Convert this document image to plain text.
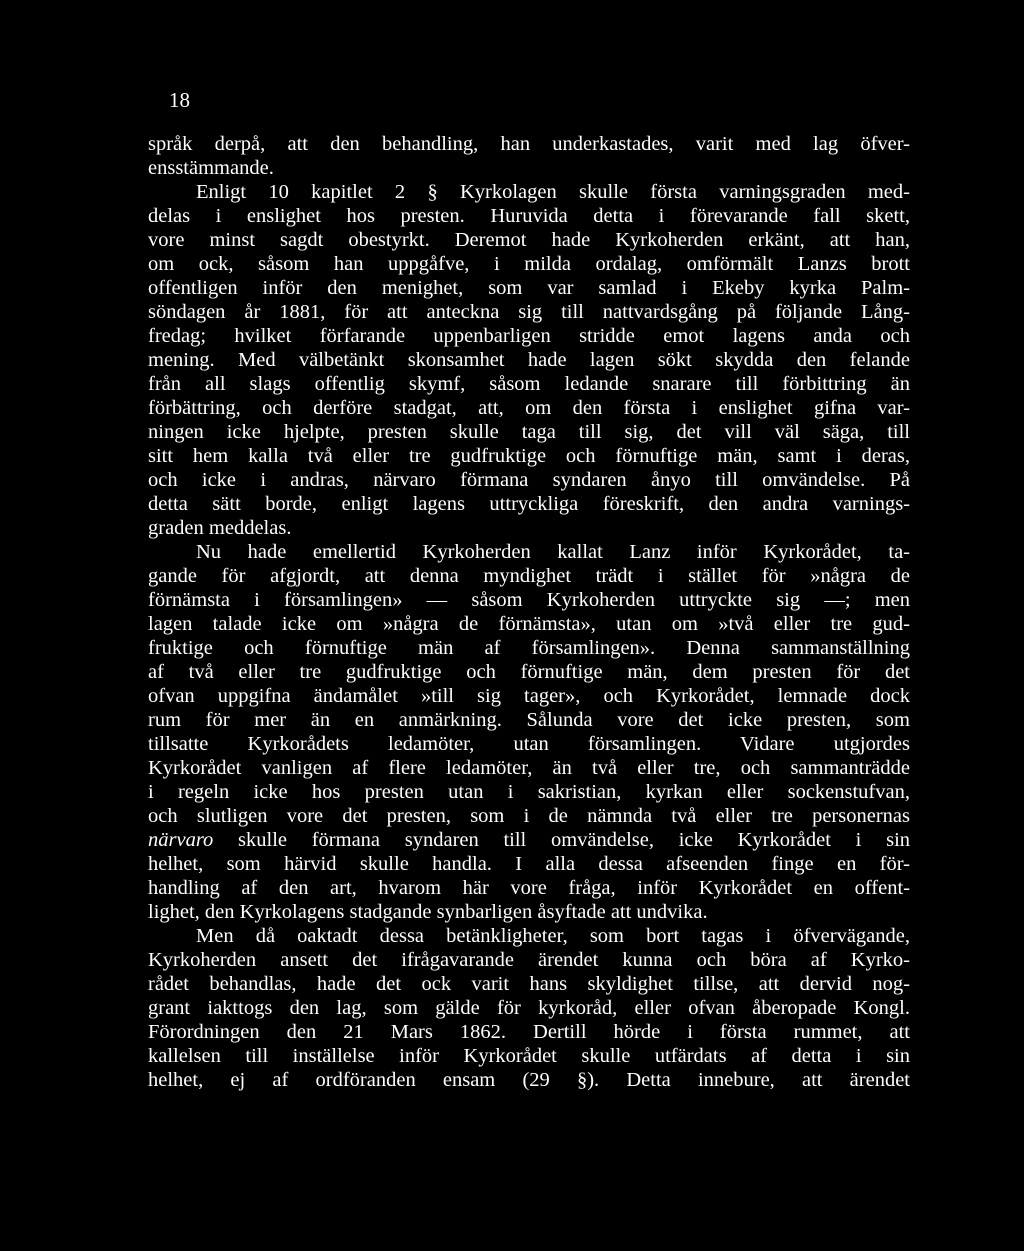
18
språk derpå, att den behandling, han underkastades, varit med lag öfver-
ensstämmande.
Enligt 10 kapitlet 2 § Kyrkolagen skulle första varningsgraden med-
delas i enslighet hos presten. Huruvida detta i förevarande fall skett,
vore minst sagdt obestyrkt. Deremot hade Kyrkoherden erkänt, att han,
om ock, såsom han uppgåfve, i milda ordalag, omförmält Lanzs brott
offentligen inför den menighet, som var samlad i Ekeby kyrka Palm-
söndagen år 1881, för att anteckna sig till nattvardsgång på följande Lång-
fredag; hvilket förfarande uppenbarligen stridde emot lagens anda och
mening. Med välbetänkt skonsamhet hade lagen sökt skydda den felande
från all slags offentlig skymf, såsom ledande snarare till förbittring än
förbättring, och derföre stadgat, att, om den första i enslighet gifna var-
ningen icke hjelpte, presten skulle taga till sig, det vill väl säga, till
sitt hem kalla två eller tre gudfruktige och förnuftige män, samt i deras,
och icke i andras, närvaro förmana syndaren ånyo till omvändelse. På
detta sätt borde, enligt lagens uttryckliga föreskrift, den andra varnings-
graden meddelas.
Nu hade emellertid Kyrkoherden kallat Lanz inför Kyrkorådet, ta-
gande för afgjordt, att denna myndighet trädt i stället för »några de
förnämsta i församlingen» — såsom Kyrkoherden uttryckte sig —; men
lagen talade icke om »några de förnämsta», utan om »två eller tre gud-
fruktige och förnuftige män af församlingen». Denna sammanställning
af två eller tre gudfruktige och förnuftige män, dem presten för det
ofvan uppgifna ändamålet »till sig tager», och Kyrkorådet, lemnade dock
rum för mer än en anmärkning. Sålunda vore det icke presten, som
tillsatte Kyrkorådets ledamöter, utan församlingen. Vidare utgjordes
Kyrkorådet vanligen af flere ledamöter, än två eller tre, och sammanträdde
i regeln icke hos presten utan i sakristian, kyrkan eller sockenstufvan,
och slutligen vore det presten, som i de nämnda två eller tre personernas
närvaro skulle förmana syndaren till omvändelse, icke Kyrkorådet i sin
helhet, som härvid skulle handla. I alla dessa afseenden finge en för-
handling af den art, hvarom här vore fråga, inför Kyrkorådet en offent-
lighet, den Kyrkolagens stadgande synbarligen åsyftade att undvika.
Men då oaktadt dessa betänkligheter, som bort tagas i öfvervägande,
Kyrkoherden ansett det ifrågavarande ärendet kunna och böra af Kyrko-
rådet behandlas, hade det ock varit hans skyldighet tillse, att dervid nog-
grant iakttogs den lag, som gälde för kyrkoråd, eller ofvan åberopade Kongl.
Förordningen den 21 Mars 1862. Dertill hörde i första rummet, att
kallelsen till inställelse inför Kyrkorådet skulle utfärdats af detta i sin
helhet, ej af ordföranden ensam (29 §). Detta innebure, att ärendet
